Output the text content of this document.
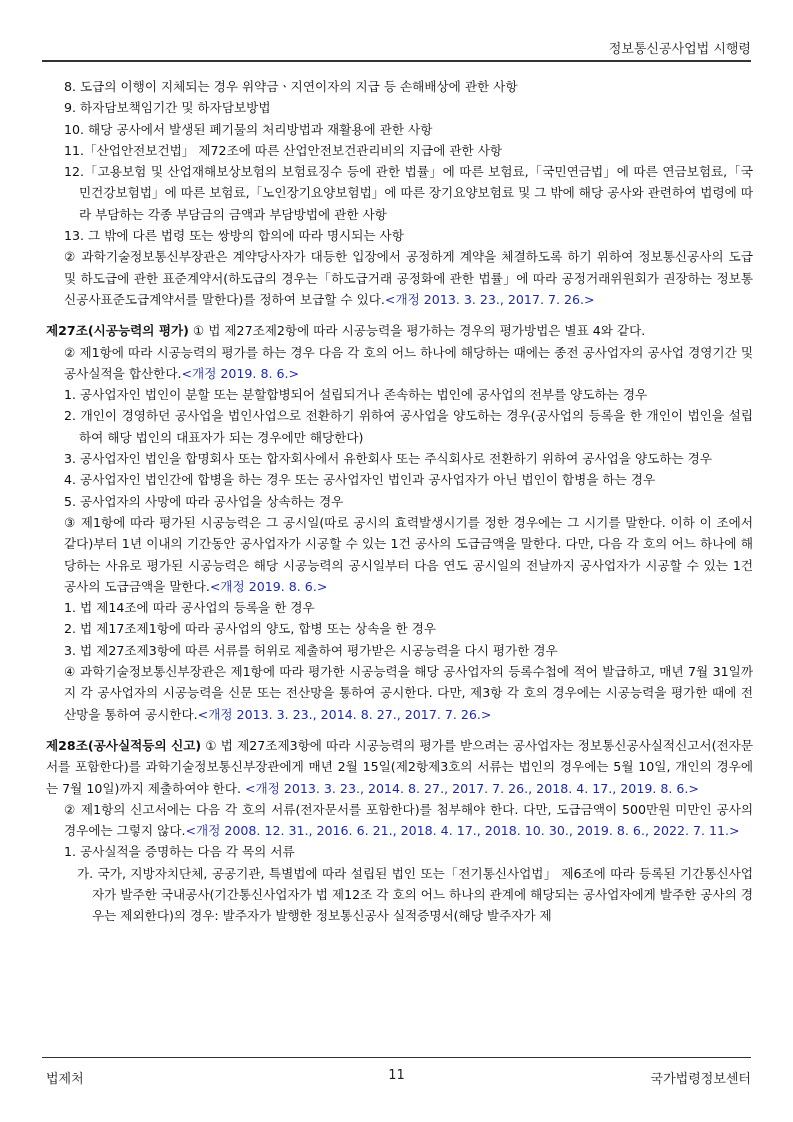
정보통신공사업법 시행령

8. 도급의 이행이 지체되는 경우 위약금ㆍ지연이자의 지급 등 손해배상에 관한 사항

9. 하자담보책임기간 및 하자담보방법

10. 해당 공사에서 발생된 폐기물의 처리방법과 재활용에 관한 사항

11.「산업안전보건법」 제72조에 따른 산업안전보건관리비의 지급에 관한 사항

12.「고용보험 및 산업재해보상보험의 보험료징수 등에 관한 법률」에 따른 보험료,「국민연금법」에 따른 연금보험료,「국민건강보험법」에 따른 보험료,「노인장기요양보험법」에 따른 장기요양보험료 및 그 밖에 해당 공사와 관련하여 법령에 따라 부담하는 각종 부담금의 금액과 부담방법에 관한 사항

13. 그 밖에 다른 법령 또는 쌍방의 합의에 따라 명시되는 사항

② 과학기술정보통신부장관은 계약당사자가 대등한 입장에서 공정하게 계약을 체결하도록 하기 위하여 정보통신공사의 도급 및 하도급에 관한 표준계약서(하도급의 경우는「하도급거래 공정화에 관한 법률」에 따라 공정거래위원회가 권장하는 정보통신공사표준도급계약서를 말한다)를 정하여 보급할 수 있다.<개정 2013. 3. 23., 2017. 7. 26.>

제27조(시공능력의 평가) ① 법 제27조제2항에 따라 시공능력을 평가하는 경우의 평가방법은 별표 4와 같다.

② 제1항에 따라 시공능력의 평가를 하는 경우 다음 각 호의 어느 하나에 해당하는 때에는 종전 공사업자의 공사업 경영기간 및 공사실적을 합산한다.<개정 2019. 8. 6.>

1. 공사업자인 법인이 분할 또는 분할합병되어 설립되거나 존속하는 법인에 공사업의 전부를 양도하는 경우

2. 개인이 경영하던 공사업을 법인사업으로 전환하기 위하여 공사업을 양도하는 경우(공사업의 등록을 한 개인이 법인을 설립하여 해당 법인의 대표자가 되는 경우에만 해당한다)

3. 공사업자인 법인을 합명회사 또는 합자회사에서 유한회사 또는 주식회사로 전환하기 위하여 공사업을 양도하는 경우

4. 공사업자인 법인간에 합병을 하는 경우 또는 공사업자인 법인과 공사업자가 아닌 법인이 합병을 하는 경우

5. 공사업자의 사망에 따라 공사업을 상속하는 경우

③ 제1항에 따라 평가된 시공능력은 그 공시일(따로 공시의 효력발생시기를 정한 경우에는 그 시기를 말한다. 이하 이 조에서 같다)부터 1년 이내의 기간동안 공사업자가 시공할 수 있는 1건 공사의 도급금액을 말한다. 다만, 다음 각 호의 어느 하나에 해당하는 사유로 평가된 시공능력은 해당 시공능력의 공시일부터 다음 연도 공시일의 전날까지 공사업자가 시공할 수 있는 1건 공사의 도급금액을 말한다.<개정 2019. 8. 6.>

1. 법 제14조에 따라 공사업의 등록을 한 경우

2. 법 제17조제1항에 따라 공사업의 양도, 합병 또는 상속을 한 경우

3. 법 제27조제3항에 따른 서류를 허위로 제출하여 평가받은 시공능력을 다시 평가한 경우

④ 과학기술정보통신부장관은 제1항에 따라 평가한 시공능력을 해당 공사업자의 등록수첩에 적어 발급하고, 매년 7월 31일까지 각 공사업자의 시공능력을 신문 또는 전산망을 통하여 공시한다. 다만, 제3항 각 호의 경우에는 시공능력을 평가한 때에 전산망을 통하여 공시한다.<개정 2013. 3. 23., 2014. 8. 27., 2017. 7. 26.>

제28조(공사실적등의 신고) ① 법 제27조제3항에 따라 시공능력의 평가를 받으려는 공사업자는 정보통신공사실적신고서(전자문서를 포함한다)를 과학기술정보통신부장관에게 매년 2월 15일(제2항제3호의 서류는 법인의 경우에는 5월 10일, 개인의 경우에는 7월 10일)까지 제출하여야 한다. <개정 2013. 3. 23., 2014. 8. 27., 2017. 7. 26., 2018. 4. 17., 2019. 8. 6.>

② 제1항의 신고서에는 다음 각 호의 서류(전자문서를 포함한다)를 첨부해야 한다. 다만, 도급금액이 500만원 미만인 공사의 경우에는 그렇지 않다.<개정 2008. 12. 31., 2016. 6. 21., 2018. 4. 17., 2018. 10. 30., 2019. 8. 6., 2022. 7. 11.>

1. 공사실적을 증명하는 다음 각 목의 서류

가. 국가, 지방자치단체, 공공기관, 특별법에 따라 설립된 법인 또는「전기통신사업법」 제6조에 따라 등록된 기간통신사업자가 발주한 국내공사(기간통신사업자가 법 제12조 각 호의 어느 하나의 관계에 해당되는 공사업자에게 발주한 공사의 경우는 제외한다)의 경우: 발주자가 발행한 정보통신공사 실적증명서(해당 발주자가 제

법제처	11	국가법령정보센터
